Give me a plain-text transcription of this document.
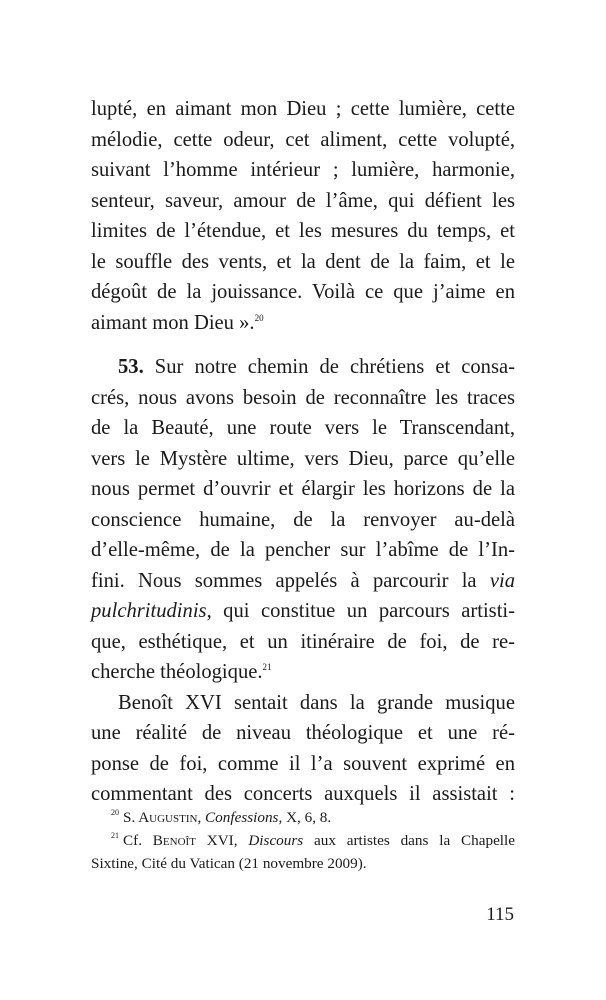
lupté, en aimant mon Dieu ; cette lumière, cette
mélodie, cette odeur, cet aliment, cette volupté,
suivant l’homme intérieur ; lumière, harmonie,
senteur, saveur, amour de l’âme, qui défient les
limites de l’étendue, et les mesures du temps, et
le souffle des vents, et la dent de la faim, et le
dégoût de la jouissance. Voilà ce que j’aime en
aimant mon Dieu ».$^{20}$
53. Sur notre chemin de chrétiens et consa-
crés, nous avons besoin de reconnaître les traces
de la Beauté, une route vers le Transcendant,
vers le Mystère ultime, vers Dieu, parce qu’elle
nous permet d’ouvrir et élargir les horizons de la
conscience humaine, de la renvoyer au-delà
d’elle-même, de la pencher sur l’abîme de l’In-
fini. Nous sommes appelés à parcourir la via
pulchritudinis, qui constitue un parcours artisti-
que, esthétique, et un itinéraire de foi, de re-
cherche théologique.$^{21}$
Benoît XVI sentait dans la grande musique
une réalité de niveau théologique et une ré-
ponse de foi, comme il l’a souvent exprimé en
commentant des concerts auxquels il assistait :
$^{20}$ S. Augustin, Confessions, X, 6, 8.
$^{21}$ Cf. Benoît XVI, Discours aux artistes dans la Chapelle
Sixtine, Cité du Vatican (21 novembre 2009).
115
